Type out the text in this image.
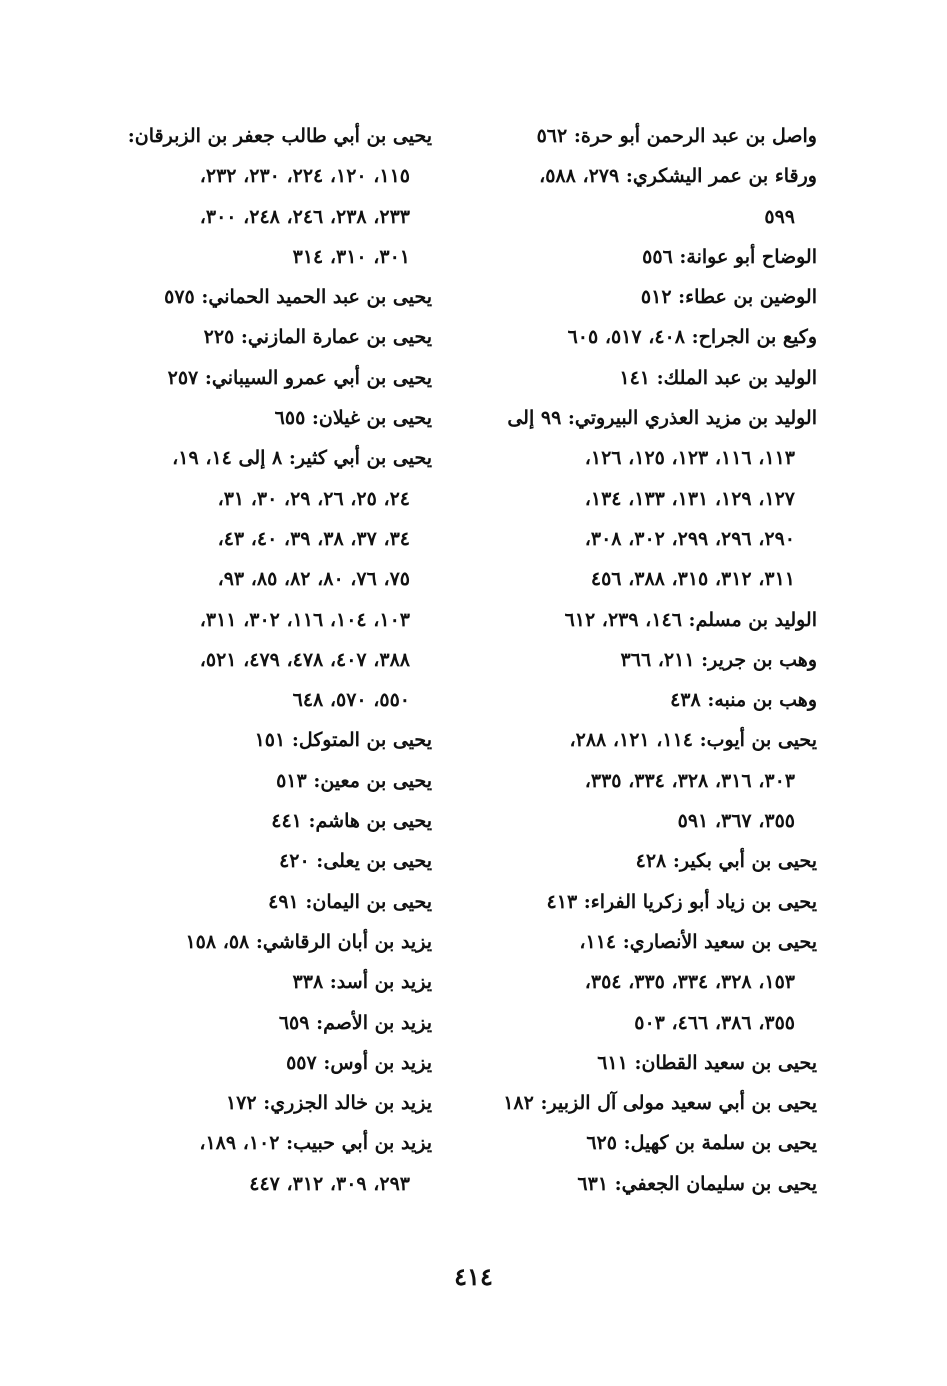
واصل بن عبد الرحمن أبو حرة: ٥٦٢
ورقاء بن عمر اليشكري: ٢٧٩، ٥٨٨،
٥٩٩
الوضاح أبو عوانة: ٥٥٦
الوضين بن عطاء: ٥١٢
وكيع بن الجراح: ٤٠٨، ٥١٧، ٦٠٥
الوليد بن عبد الملك: ١٤١
الوليد بن مزيد العذري البيروتي: ٩٩ إلى
١١٣، ١١٦، ١٢٣، ١٢٥، ١٢٦،
١٢٧، ١٢٩، ١٣١، ١٣٣، ١٣٤،
٢٩٠، ٢٩٦، ٢٩٩، ٣٠٢، ٣٠٨،
٣١١، ٣١٢، ٣١٥، ٣٨٨، ٤٥٦
الوليد بن مسلم: ١٤٦، ٢٣٩، ٦١٢
وهب بن جرير: ٢١١، ٣٦٦
وهب بن منبه: ٤٣٨
يحيى بن أيوب: ١١٤، ١٢١، ٢٨٨،
٣٠٣، ٣١٦، ٣٢٨، ٣٣٤، ٣٣٥،
٣٥٥، ٣٦٧، ٥٩١
يحيى بن أبي بكير: ٤٢٨
يحيى بن زياد أبو زكريا الفراء: ٤١٣
يحيى بن سعيد الأنصاري: ١١٤،
١٥٣، ٣٢٨، ٣٣٤، ٣٣٥، ٣٥٤،
٣٥٥، ٣٨٦، ٤٦٦، ٥٠٣
يحيى بن سعيد القطان: ٦١١
يحيى بن أبي سعيد مولى آل الزبير: ١٨٢
يحيى بن سلمة بن كهيل: ٦٢٥
يحيى بن سليمان الجعفي: ٦٣١
يحيى بن أبي طالب جعفر بن الزبرقان:
١١٥، ١٢٠، ٢٢٤، ٢٣٠، ٢٣٢،
٢٣٣، ٢٣٨، ٢٤٦، ٢٤٨، ٣٠٠،
٣٠١، ٣١٠، ٣١٤
يحيى بن عبد الحميد الحماني: ٥٧٥
يحيى بن عمارة المازني: ٢٢٥
يحيى بن أبي عمرو السيباني: ٢٥٧
يحيى بن غيلان: ٦٥٥
يحيى بن أبي كثير: ٨ إلى ١٤، ١٩،
٢٤، ٢٥، ٢٦، ٢٩، ٣٠، ٣١،
٣٤، ٣٧، ٣٨، ٣٩، ٤٠، ٤٣،
٧٥، ٧٦، ٨٠، ٨٢، ٨٥، ٩٣،
١٠٣، ١٠٤، ١١٦، ٣٠٢، ٣١١،
٣٨٨، ٤٠٧، ٤٧٨، ٤٧٩، ٥٢١،
٥٥٠، ٥٧٠، ٦٤٨
يحيى بن المتوكل: ١٥١
يحيى بن معين: ٥١٣
يحيى بن هاشم: ٤٤١
يحيى بن يعلى: ٤٢٠
يحيى بن اليمان: ٤٩١
يزيد بن أبان الرقاشي: ٥٨، ١٥٨
يزيد بن أسد: ٣٣٨
يزيد بن الأصم: ٦٥٩
يزيد بن أوس: ٥٥٧
يزيد بن خالد الجزري: ١٧٢
يزيد بن أبي حبيب: ١٠٢، ١٨٩،
٢٩٣، ٣٠٩، ٣١٢، ٤٤٧
٤١٤
